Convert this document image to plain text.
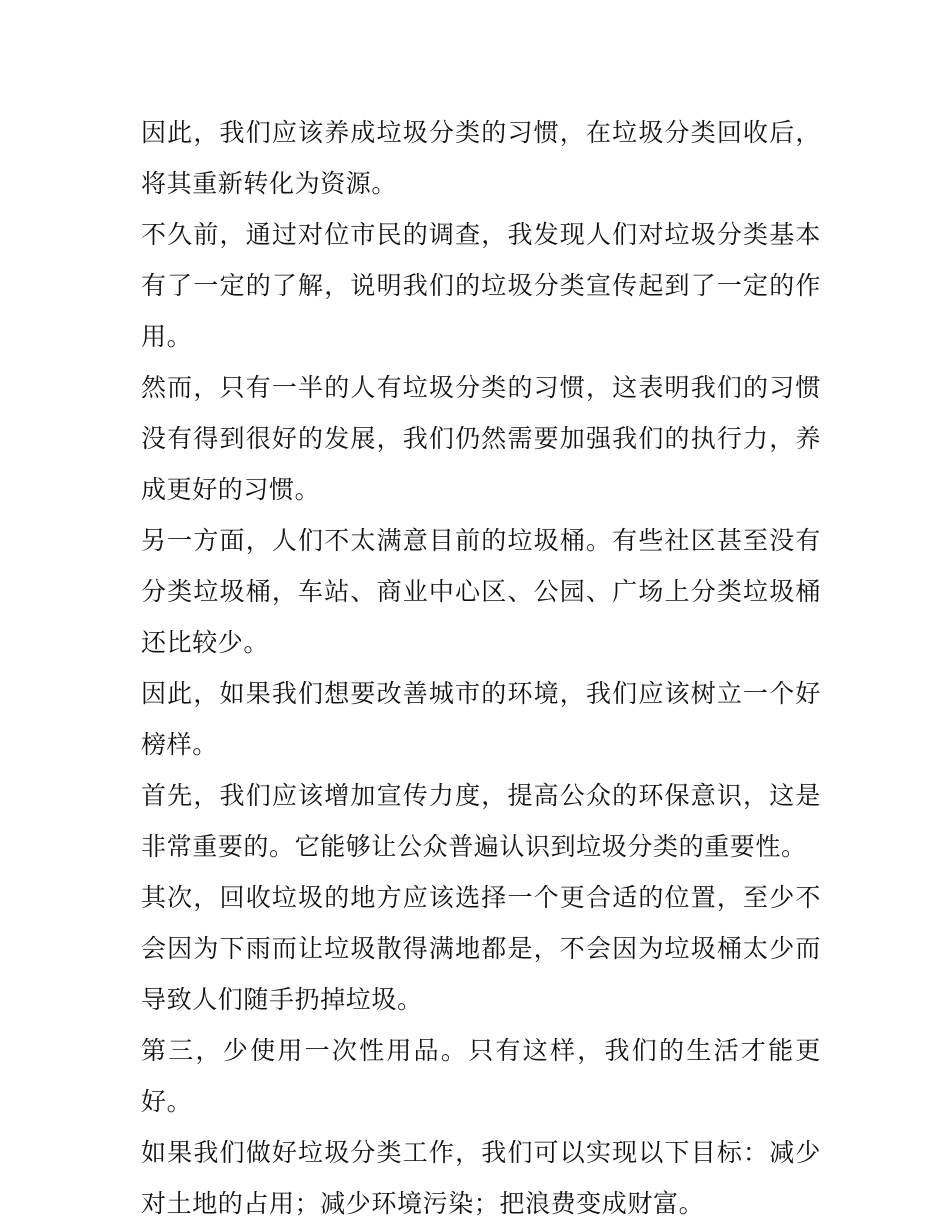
因此，我们应该养成垃圾分类的习惯，在垃圾分类回收后，将其重新转化为资源。

不久前，通过对位市民的调查，我发现人们对垃圾分类基本有了一定的了解，说明我们的垃圾分类宣传起到了一定的作用。

然而，只有一半的人有垃圾分类的习惯，这表明我们的习惯没有得到很好的发展，我们仍然需要加强我们的执行力，养成更好的习惯。

另一方面，人们不太满意目前的垃圾桶。有些社区甚至没有分类垃圾桶，车站、商业中心区、公园、广场上分类垃圾桶还比较少。

因此，如果我们想要改善城市的环境，我们应该树立一个好榜样。

首先，我们应该增加宣传力度，提高公众的环保意识，这是非常重要的。它能够让公众普遍认识到垃圾分类的重要性。

其次，回收垃圾的地方应该选择一个更合适的位置，至少不会因为下雨而让垃圾散得满地都是，不会因为垃圾桶太少而导致人们随手扔掉垃圾。

第三，少使用一次性用品。只有这样，我们的生活才能更好。

如果我们做好垃圾分类工作，我们可以实现以下目标：减少对土地的占用；减少环境污染；把浪费变成财富。
